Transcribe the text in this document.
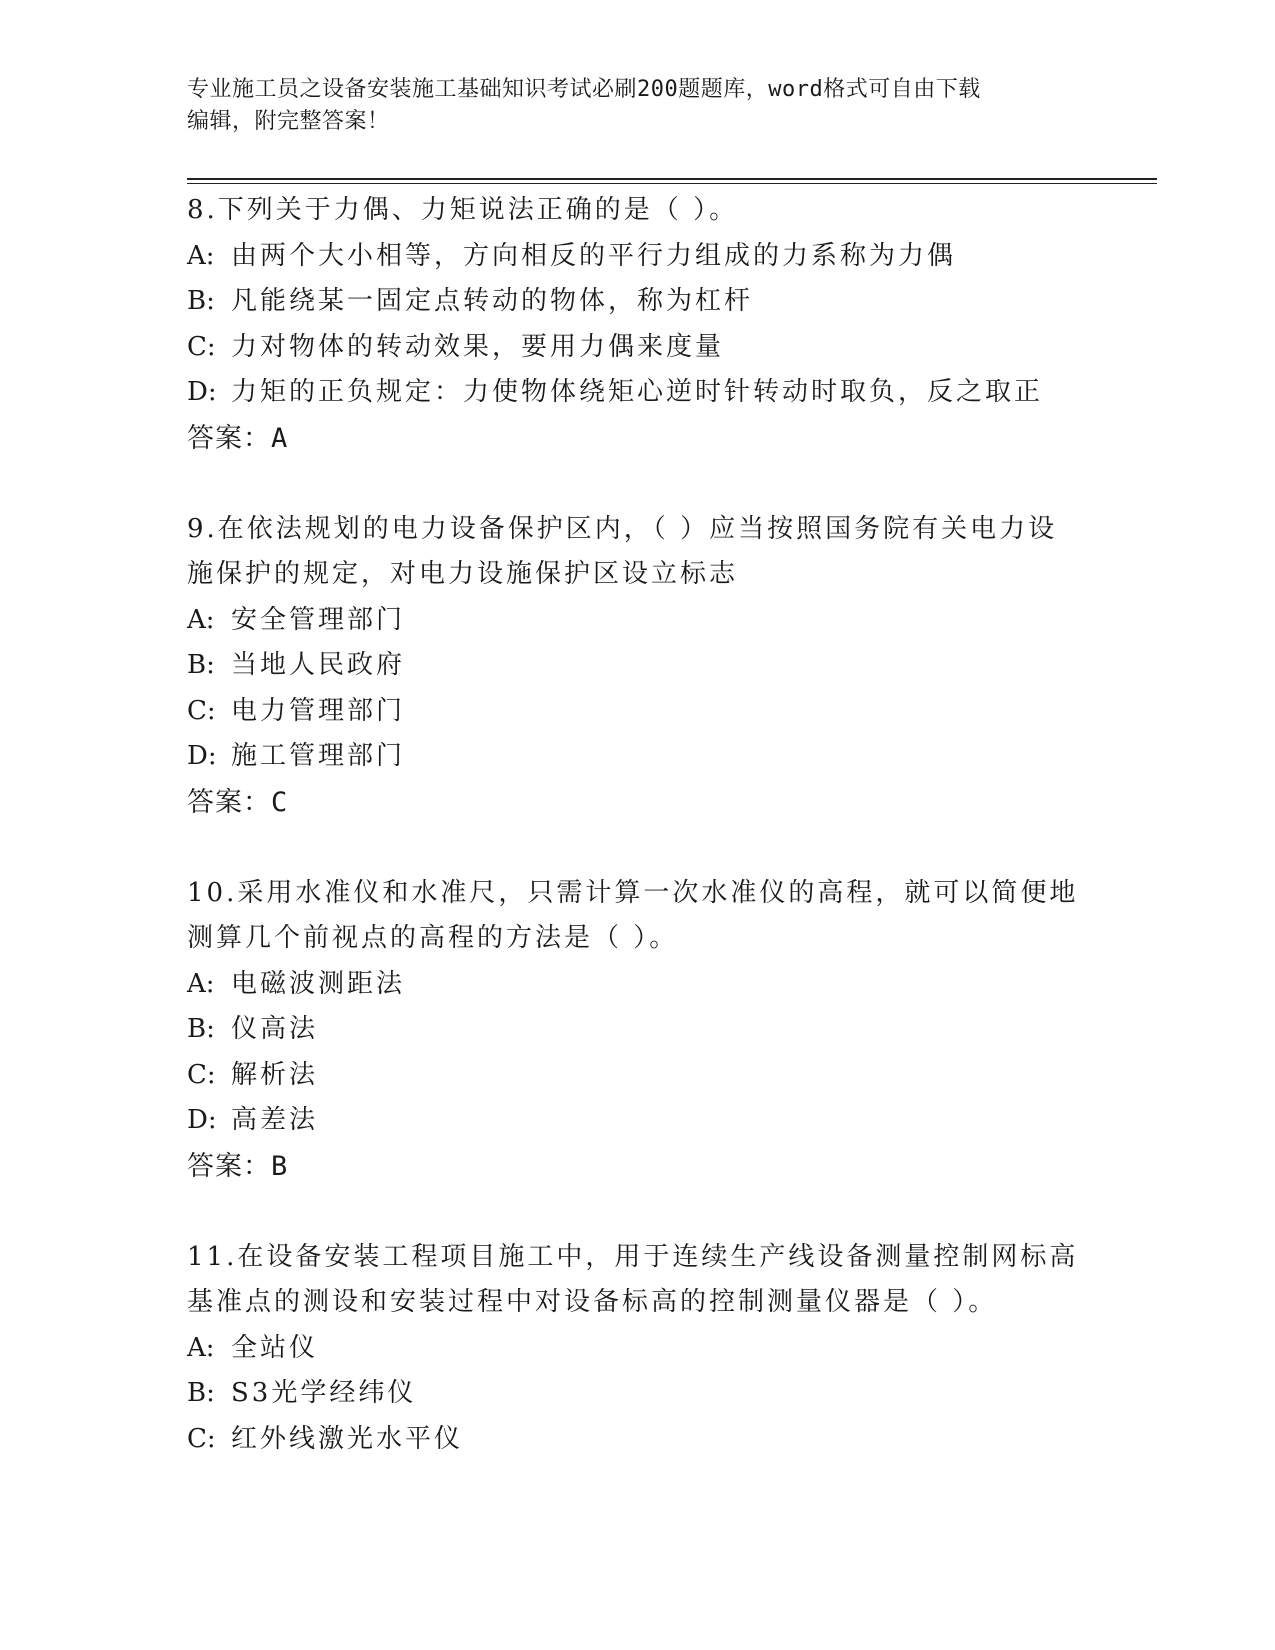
专业施工员之设备安装施工基础知识考试必刷200题题库，word格式可自由下载
编辑，附完整答案！

8.下列关于力偶、力矩说法正确的是（ ）。

A: 由两个大小相等，方向相反的平行力组成的力系称为力偶

B: 凡能绕某一固定点转动的物体，称为杠杆

C: 力对物体的转动效果，要用力偶来度量

D: 力矩的正负规定：力使物体绕矩心逆时针转动时取负，反之取正

答案：A

9.在依法规划的电力设备保护区内，（ ）应当按照国务院有关电力设

施保护的规定，对电力设施保护区设立标志

A: 安全管理部门

B: 当地人民政府

C: 电力管理部门

D: 施工管理部门

答案：C

10.采用水准仪和水准尺，只需计算一次水准仪的高程，就可以简便地

测算几个前视点的高程的方法是（ ）。

A: 电磁波测距法

B: 仪高法

C: 解析法

D: 高差法

答案：B

11.在设备安装工程项目施工中，用于连续生产线设备测量控制网标高

基准点的测设和安装过程中对设备标高的控制测量仪器是（ ）。

A: 全站仪

B: S3光学经纬仪

C: 红外线激光水平仪
